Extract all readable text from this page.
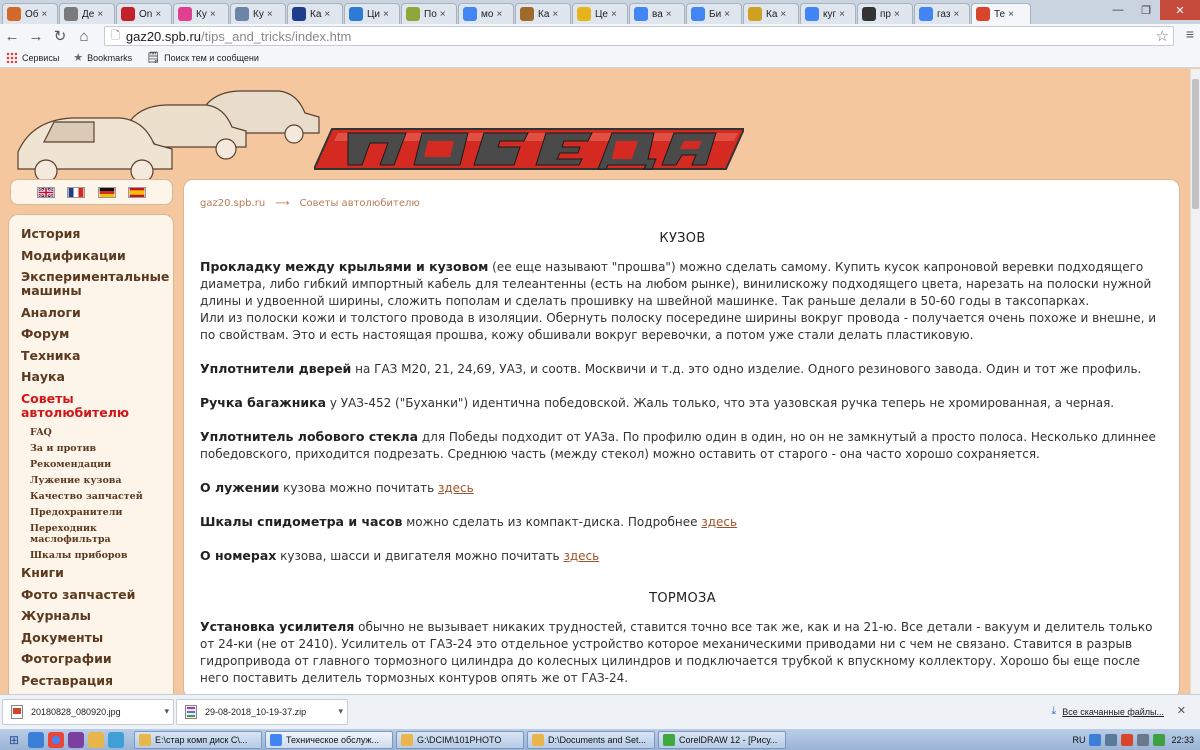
Об ×	Де ×	On ×	Ку ×	Ку ×	Ка ×	Ци ×	По ×	мо ×	Ка ×	Це ×	ва ×	Би ×	Ка ×	куг ×	пр ×	газ ×	Те ×	—	❐	✕
← → ↻ ⌂	🗋 gaz20.spb.ru /tips_and_tricks/index.htm	☆ ≡
Сервисы ★ Bookmarks 🗒 Поиск тем и сообщени
ПОБЕДА
История
Модификации
Экспериментальные машины
Аналоги
Форум
Техника
Наука
Советы автолюбителю
FAQ
За и против
Рекомендации
Лужение кузова
Качество запчастей
Предохранители
Переходник маслофильтра
Шкалы приборов
Книги
Фото запчастей
Журналы
Документы
Фотографии
Реставрация
gaz20.spb.ru ⟶ Советы автолюбителю
КУЗОВ
Прокладку между крыльями и кузовом (ее еще называют "прошва") можно сделать самому. Купить кусок капроновой веревки подходящего диаметра, либо гибкий импортный кабель для телеантенны (есть на любом рынке), винилискожу подходящего цвета, нарезать на полоски нужной длины и удвоенной ширины, сложить пополам и сделать прошивку на швейной машинке. Так раньше делали в 50-60 годы в таксопарках.
Или из полоски кожи и толстого провода в изоляции. Обернуть полоску посередине ширины вокруг провода - получается очень похоже и внешне, и по свойствам. Это и есть настоящая прошва, кожу обшивали вокруг веревочки, а потом уже стали делать пластиковую.
Уплотнители дверей на ГАЗ М20, 21, 24,69, УАЗ, и соотв. Москвичи и т.д. это одно изделие. Одного резинового завода. Один и тот же профиль.
Ручка багажника у УАЗ-452 ("Буханки") идентична победовской. Жаль только, что эта уазовская ручка теперь не хромированная, а черная.
Уплотнитель лобового стекла для Победы подходит от УАЗа. По профилю один в один, но он не замкнутый а просто полоса. Несколько длиннее победовского, приходится подрезать. Среднюю часть (между стекол) можно оставить от старого - она часто хорошо сохраняется.
О лужении кузова можно почитать здесь
Шкалы спидометра и часов можно сделать из компакт-диска. Подробнее здесь
О номерах кузова, шасси и двигателя можно почитать здесь
ТОРМОЗА
Установка усилителя обычно не вызывает никаких трудностей, ставится точно все так же, как и на 21-ю. Все детали - вакуум и делитель только от 24-ки (не от 2410). Усилитель от ГАЗ-24 это отдельное устройство которое механическими приводами ни с чем не связано. Ставится в разрыв гидропривода от главного тормозного цилиндра до колесных цилиндров и подключается трубкой к впускному коллектору. Хорошо бы еще после него поставить делитель тормозных контуров опять же от ГАЗ-24.
20180828_080920.jpg	▾	29-08-2018_10-19-37.zip	▾	⤓ Все скачанные файлы... ✕
⊞	E:\стар комп диск С\...	Техническое обслуж...	G:\DCIM\101PHOTO	D:\Documents and Set...	CorelDRAW 12 - [Рису...	RU	22:33
